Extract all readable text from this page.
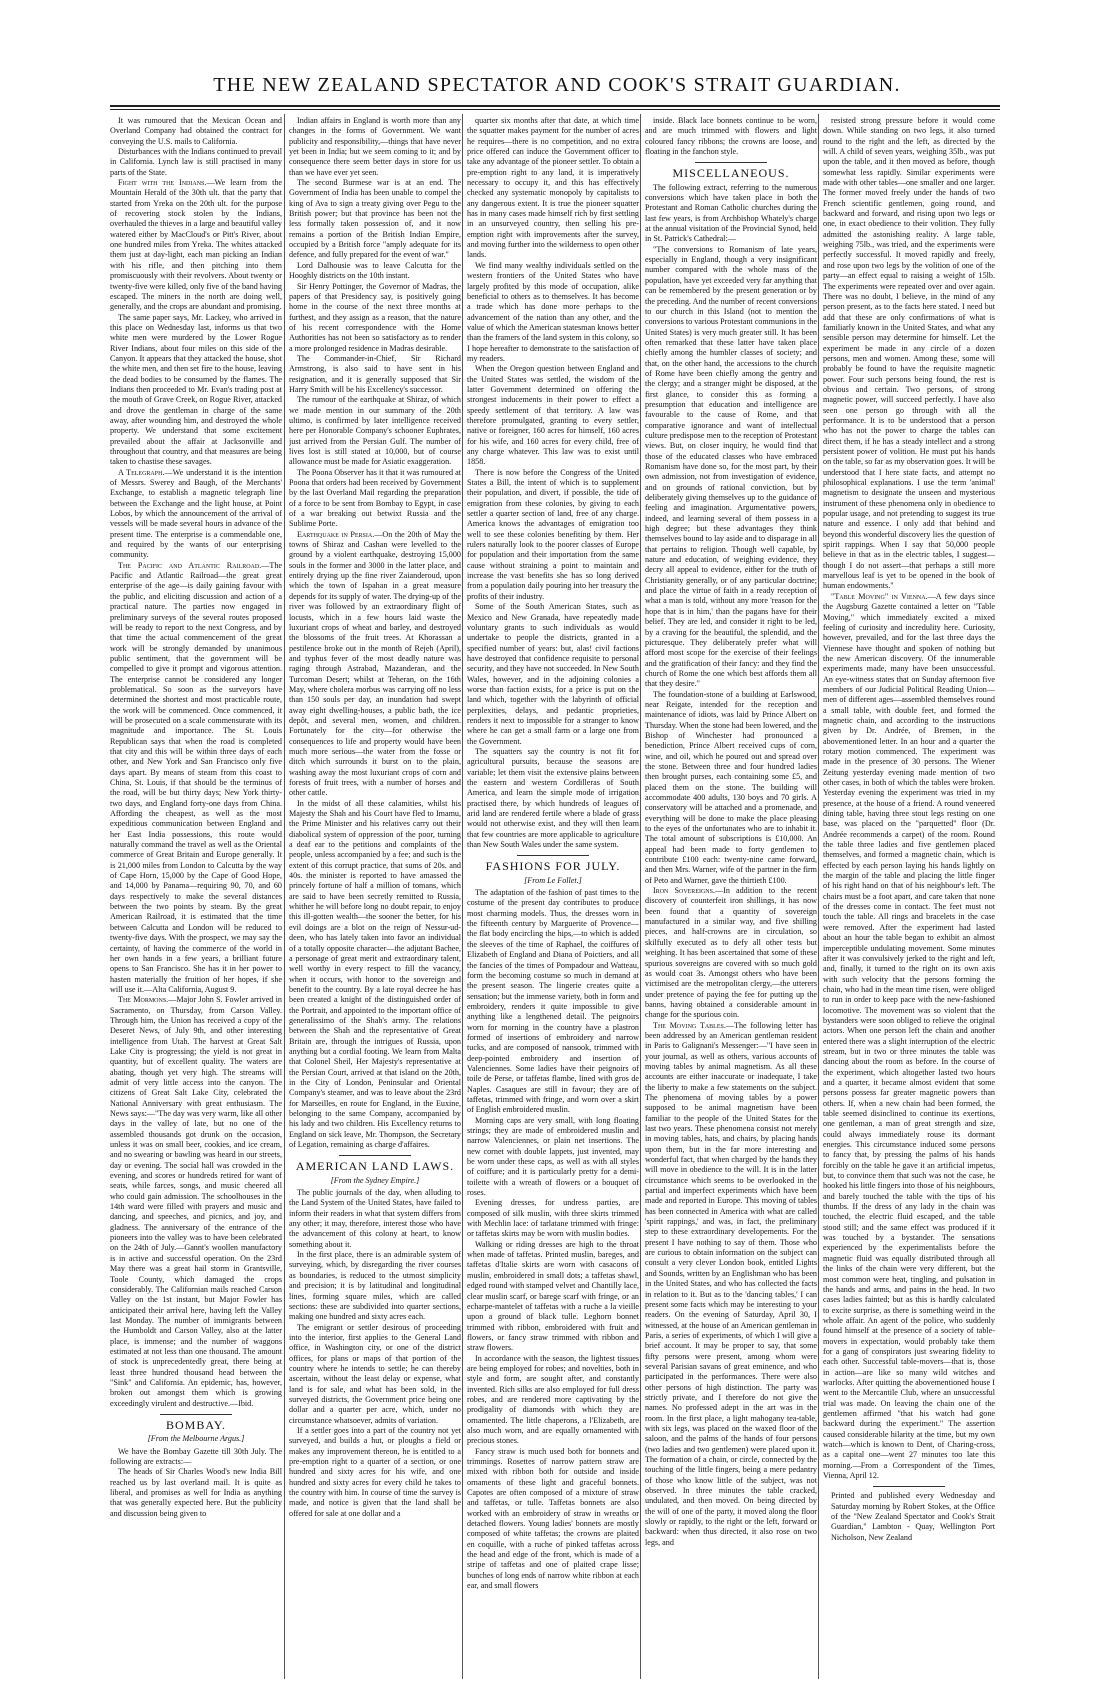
THE NEW ZEALAND SPECTATOR AND COOK'S STRAIT GUARDIAN.

It was rumoured that the Mexican Ocean and Overland Company had obtained the contract for conveying the U.S. mails to California.

Disturbances with the Indians continued to prevail in California. Lynch law is still practised in many parts of the State.

Fight with the Indians.—We learn from the Mountain Herald of the 30th ult. that the party that started from Yreka on the 20th ult. for the purpose of recovering stock stolen by the Indians, overhauled the thieves in a large and beautiful valley watered either by MacCloud's or Pitt's River, about one hundred miles from Yreka. The whites attacked them just at day-light, each man picking an Indian with his rifle, and then pitching into them promiscuously with their revolvers. About twenty or twenty-five were killed, only five of the band having escaped. The miners in the north are doing well, generally, and the crops are abundant and promising.

The same paper says, Mr. Lackey, who arrived in this place on Wednesday last, informs us that two white men were murdered by the Lower Rogue River Indians, about four miles on this side of the Canyon. It appears that they attacked the house, shot the white men, and then set fire to the house, leaving the dead bodies to be consumed by the flames. The Indians then proceeded to Mr. Evan's trading post at the mouth of Grave Creek, on Rogue River, attacked and drove the gentleman in charge of the same away, after wounding him, and destroyed the whole property. We understand that some excitement prevailed about the affair at Jacksonville and throughout that country, and that measures are being taken to chastise these savages.

A Telegraph.—We understand it is the intention of Messrs. Swerey and Baugh, of the Merchants' Exchange, to establish a magnetic telegraph line between the Exchange and the light house, at Point Lobos, by which the announcement of the arrival of vessels will be made several hours in advance of the present time. The enterprise is a commendable one, and required by the wants of our enterprising community.

The Pacific and Atlantic Railroad.—The Pacific and Atlantic Railroad—the great great enterprise of the age—is daily gaining favour with the public, and eliciting discussion and action of a practical nature. The parties now engaged in preliminary surveys of the several routes proposed will be ready to report to the next Congress, and by that time the actual commencement of the great work will be strongly demanded by unanimous public sentiment, that the government will be compelled to give it prompt and vigorous attention. The enterprise cannot be considered any longer problematical. So soon as the surveyors have determined the shortest and most practicable route, the work will be commenced. Once commenced, it will be prosecuted on a scale commensurate with its magnitude and importance. The St. Louis Republican says that when the road is completed that city and this will be within three days of each other, and New York and San Francisco only five days apart. By means of steam from this coast to China, St. Louis, if that should be the terminus of the road, will be but thirty days; New York thirty-two days, and England forty-one days from China. Affording the cheapest, as well as the most expeditious communication between England and her East India possessions, this route would naturally command the travel as well as the Oriental commerce of Great Britain and Europe generally. It is 21,000 miles from London to Calcutta by the way of Cape Horn, 15,000 by the Cape of Good Hope, and 14,000 by Panama—requiring 90, 70, and 60 days respectively to make the several distances between the two points by steam. By the great American Railroad, it is estimated that the time between Calcutta and London will be reduced to twenty-five days. With the prospect, we may say the certainty, of having the commerce of the world in her own hands in a few years, a brilliant future opens to San Francisco. She has it in her power to hasten materially the fruition of her hopes, if she will use it.—Alta California, August 9.

The Mormons.—Major John S. Fowler arrived in Sacramento, on Thursday, from Carson Valley. Through him, the Union has received a copy of the Deseret News, of July 9th, and other interesting intelligence from Utah. The harvest at Great Salt Lake City is progressing; the yield is not great in quantity, but of excellent quality. The waters are abating, though yet very high. The streams will admit of very little access into the canyon. The citizens of Great Salt Lake City, celebrated the National Anniversary with great enthusiasm. The News says:—"The day was very warm, like all other days in the valley of late, but no one of the assembled thousands got drunk on the occasion, unless it was on small beer, cookies, and ice cream, and no swearing or bawling was heard in our streets, day or evening. The social hall was crowded in the evening, and scores or hundreds retired for want of seats, while farces, songs, and music cheered all who could gain admission. The schoolhouses in the 14th ward were filled with prayers and music and dancing, and speeches, and picnics, and joy, and gladness. The anniversary of the entrance of the pioneers into the valley was to have been celebrated on the 24th of July.—Gannt's woollen manufactory is in active and successful operation. On the 23rd May there was a great hail storm in Grantsville, Toole County, which damaged the crops considerably. The Californian mails reached Carson Valley on the 1st instant, but Major Fowler has anticipated their arrival here, having left the Valley last Monday. The number of immigrants between the Humboldt and Carson Valley, also at the latter place, is immense; and the number of waggons estimated at not less than one thousand. The amount of stock is unprecedentedly great, there being at least three hundred thousand head between the "Sink" and California. An epidemic, has, however, broken out amongst them which is growing exceedingly virulent and destructive.—Ibid.

BOMBAY.

[From the Melbourne Argus.]

We have the Bombay Gazette till 30th July. The following are extracts:—

The heads of Sir Charles Wood's new India Bill reached us by last overland mail. It is quite as liberal, and promises as well for India as anything that was generally expected here. But the publicity and discussion being given to

Indian affairs in England is worth more than any changes in the forms of Government. We want publicity and responsibility,—things that have never yet been in India; but we seem coming to it; and by consequence there seem better days in store for us than we have ever yet seen.

The second Burmese war is at an end. The Government of India has been unable to compel the king of Ava to sign a treaty giving over Pegu to the British power; but that province has been not the less formally taken possession of, and it now remains a portion of the British Indian Empire, occupied by a British force "amply adequate for its defence, and fully prepared for the event of war."

Lord Dalhousie was to leave Calcutta for the Hooghly districts on the 10th instant.

Sir Henry Pottinger, the Governor of Madras, the papers of that Presidency say, is positively going home in the course of the next three months at furthest, and they assign as a reason, that the nature of his recent correspondence with the Home Authorities has not been so satisfactory as to render a more prolonged residence in Madras desirable.

The Commander-in-Chief, Sir Richard Armstrong, is also said to have sent in his resignation, and it is generally supposed that Sir Harry Smith will be his Excellency's successor.

The rumour of the earthquake at Shiraz, of which we made mention in our summary of the 20th ultimo, is confirmed by later intelligence received here per Honorable Company's schooner Euphrates, just arrived from the Persian Gulf. The number of lives lost is still stated at 10,000, but of course allowance must be made for Asiatic exaggeration.

The Poona Observer has it that it was rumoured at Poona that orders had been received by Government by the last Overland Mail regarding the preparation of a force to be sent from Bombay to Egypt, in case of a war breaking out betwixt Russia and the Sublime Porte.

Earthquake in Persia.—On the 20th of May the towns of Shiraz and Cashan were levelled to the ground by a violent earthquake, destroying 15,000 souls in the former and 3000 in the latter place, and entirely drying up the fine river Zaianderoud, upon which the town of Ispahan in a great measure depends for its supply of water. The drying-up of the river was followed by an extraordinary flight of locusts, which in a few hours laid waste the luxuriant crops of wheat and barley, and destroyed the blossoms of the fruit trees. At Khorassan a pestilence broke out in the month of Rejeh (April), and typhus fever of the most deadly nature was raging through Astrabad, Mazanderan, and the Turcoman Desert; whilst at Teheran, on the 16th May, where cholera morbus was carrying off no less than 150 souls per day, an inundation had swept away eight dwelling-houses, a public bath, the ice depôt, and several men, women, and children. Fortunately for the city—for otherwise the consequences to life and property would have been much more serious—the water from the fosse or ditch which surrounds it burst on to the plain, washing away the most luxuriant crops of corn and forests of fruit trees, with a number of horses and other cattle.

In the midst of all these calamities, whilst his Majesty the Shah and his Court have fled to Imamu, the Prime Minister and his relatives carry out their diabolical system of oppression of the poor, turning a deaf ear to the petitions and complaints of the people, unless accompanied by a fee; and such is the extent of this corrupt practice, that sums of 20s. and 40s. the minister is reported to have amassed the princely fortune of half a million of tomans, which are said to have been secretly remitted to Russia, whither he will before long no doubt repair, to enjoy this ill-gotten wealth—the sooner the better, for his evil doings are a blot on the reign of Nessur-ud-deen, who has lately taken into favor an individual of a totally opposite character—the adjutant Bachee, a personage of great merit and extraordinary talent, well worthy in every respect to fill the vacancy, when it occurs, with honor to the sovereign and benefit to the country. By a late royal decree he has been created a knight of the distinguished order of the Portrait, and appointed to the important office of generalissimo of the Shah's army. The relations between the Shah and the representative of Great Britain are, through the intrigues of Russia, upon anything but a cordial footing. We learn from Malta that Colonel Sheil, Her Majesty's representative at the Persian Court, arrived at that island on the 20th, in the City of London, Peninsular and Oriental Company's steamer, and was to leave about the 23rd for Marseilles, en route for England, in the Euxine, belonging to the same Company, accompanied by his lady and two children. His Excellency returns to England on sick leave, Mr. Thompson, the Secretary of Legation, remaining as charge d'affaires.

AMERICAN LAND LAWS.

[From the Sydney Empire.]

The public journals of the day, when alluding to the Land System of the United States, have failed to inform their readers in what that system differs from any other; it may, therefore, interest those who have the advancement of this colony at heart, to know something about it.

In the first place, there is an admirable system of surveying, which, by disregarding the river courses as boundaries, is reduced to the utmost simplicity and precision; it is by latitudinal and longitudinal lines, forming square miles, which are called sections: these are subdivided into quarter sections, making one hundred and sixty acres each.

The emigrant or settler desirous of proceeding into the interior, first applies to the General Land office, in Washington city, or one of the district offices, for plans or maps of that portion of the country where he intends to settle; he can thereby ascertain, without the least delay or expense, what land is for sale, and what has been sold, in the surveyed districts, the Government price being one dollar and a quarter per acre, which, under no circumstance whatsoever, admits of variation.

If a settler goes into a part of the country not yet surveyed, and builds a hut, or ploughs a field or makes any improvement thereon, he is entitled to a pre-emption right to a quarter of a section, or one hundred and sixty acres for his wife, and one hundred and sixty acres for every child he takes to the country with him. In course of time the survey is made, and notice is given that the land shall be offered for sale at one dollar and a

quarter six months after that date, at which time the squatter makes payment for the number of acres he requires—there is no competition, and no extra price offered can induce the Government officer to take any advantage of the pioneer settler. To obtain a pre-emption right to any land, it is imperatively necessary to occupy it, and this has effectively checked any systematic monopoly by capitalists to any dangerous extent. It is true the pioneer squatter has in many cases made himself rich by first settling in an unsurveyed country, then selling his pre-emption right with improvements after the survey, and moving further into the wilderness to open other lands.

We find many wealthy individuals settled on the western frontiers of the United States who have largely profited by this mode of occupation, alike beneficial to others as to themselves. It has become a trade which has done more perhaps to the advancement of the nation than any other, and the value of which the American statesman knows better than the framers of the land system in this colony, so I hope hereafter to demonstrate to the satisfaction of my readers.

When the Oregon question between England and the United States was settled, the wisdom of the latter Government determined on offering the strongest inducements in their power to effect a speedy settlement of that territory. A law was therefore promulgated, granting to every settler, native or foreigner, 160 acres for himself, 160 acres for his wife, and 160 acres for every child, free of any charge whatever. This law was to exist until 1858.

There is now before the Congress of the United States a Bill, the intent of which is to supplement their population, and divert, if possible, the tide of emigration from these colonies, by giving to each settler a quarter section of land, free of any charge. America knows the advantages of emigration too well to see these colonies benefiting by them. Her rulers naturally look to the poorer classes of Europe for population and their importation from the same cause without straining a point to maintain and increase the vast benefits she has so long derived from a population daily pouring into her treasury the profits of their industry.

Some of the South American States, such as Mexico and New Granada, have repeatedly made voluntary grants to such individuals as would undertake to people the districts, granted in a specified number of years: but, alas! civil factions have destroyed that confidence requisite to personal security, and they have not succeeded. In New South Wales, however, and in the adjoining colonies a worse than faction exists, for a price is put on the land which, together with the labyrinth of official perplexities, delays, and pedantic proprieties, renders it next to impossible for a stranger to know where he can get a small farm or a large one from the Government.

The squatters say the country is not fit for agricultural pursuits, because the seasons are variable; let them visit the extensive plains between the eastern and western Cordilleras of South America, and learn the simple mode of irrigation practised there, by which hundreds of leagues of arid land are rendered fertile where a blade of grass would not otherwise exist, and they will then learn that few countries are more applicable to agriculture than New South Wales under the same system.

FASHIONS FOR JULY.

[From Le Follet.]

The adaptation of the fashion of past times to the costume of the present day contributes to produce most charming models. Thus, the dresses worn in the fifteenth century by Marguerite of Provence—the flat body encircling the hips,—to which is added the sleeves of the time of Raphael, the coiffures of Elizabeth of England and Diana of Poictiers, and all the fancies of the times of Pompadour and Watteau, form the becoming costume so much in demand at the present season. The lingerie creates quite a sensation; but the immense variety, both in form and embroidery, renders it quite impossible to give anything like a lengthened detail. The peignoirs worn for morning in the country have a plastron formed of insertions of embroidery and narrow tucks, and are composed of nansook, trimmed with deep-pointed embroidery and insertion of Valenciennes. Some ladies have their peignoirs of toile de Perse, or taffetas flambe, lined with gros de Naples. Casaques are still in favour; they are of taffetas, trimmed with fringe, and worn over a skirt of English embroidered muslin.

Morning caps are very small, with long floating strings; they are made of embroidered muslin and narrow Valenciennes, or plain net insertions. The new cornet with double lappets, just invented, may be worn under these caps, as well as with all styles of coiffure; and it is particularly pretty for a demi-toilette with a wreath of flowers or a bouquet of roses.

Evening dresses, for undress parties, are composed of silk muslin, with three skirts trimmed with Mechlin lace: of tarlatane trimmed with fringe: or taffetas skirts may be worn with muslin bodies.

Walking or riding dresses are high to the throat when made of taffetas. Printed muslin, bareges, and taffetas d'Italie skirts are worn with casacons of muslin, embroidered in small dots; a taffetas shawl, edged round with stamped velvet and Chantilly lace, clear muslin scarf, or barege scarf with fringe, or an echarpe-mantelet of taffetas with a ruche a la vieille upon a ground of black tulle. Leghorn bonnet trimmed with ribbon, embroidered with fruit and flowers, or fancy straw trimmed with ribbon and straw flowers.

In accordance with the season, the lightest tissues are being employed for robes; and novelties, both in style and form, are sought after, and constantly invented. Rich silks are also employed for full dress robes, and are rendered more captivating by the prodigality of diamonds with which they are ornamented. The little chaperons, a l'Elizabeth, are also much worn, and are equally ornamented with precious stones.

Fancy straw is much used both for bonnets and trimmings. Rosettes of narrow pattern straw are mixed with ribbon both for outside and inside ornaments of these light and graceful bonnets. Capotes are often composed of a mixture of straw and taffetas, or tulle. Taffetas bonnets are also worked with an embroidery of straw in wreaths or detached flowers. Young ladies' bonnets are mostly composed of white taffetas; the crowns are plaited en coquille, with a ruche of pinked taffetas across the head and edge of the front, which is made of a stripe of taffetas and one of plaited crape lisse; bunches of long ends of narrow white ribbon at each ear, and small flowers

inside. Black lace bonnets continue to be worn, and are much trimmed with flowers and light coloured fancy ribbons; the crowns are loose, and floating in the fanchon style.

MISCELLANEOUS.

The following extract, referring to the numerous conversions which have taken place in both the Protestant and Roman Catholic churches during the last few years, is from Archbishop Whately's charge at the annual visitation of the Provincial Synod, held in St. Patrick's Cathedral:—

"The conversions to Romanism of late years, especially in England, though a very insignificant number compared with the whole mass of the population, have yet exceeded very far anything that can be remembered by the present generation or by the preceding. And the number of recent conversions to our church in this Island (not to mention the conversions to various Protestant communions in the United States) is very much greater still. It has been often remarked that these latter have taken place chiefly among the humbler classes of society; and that, on the other hand, the accessions to the church of Rome have been chiefly among the gentry and the clergy; and a stranger might be disposed, at the first glance, to consider this as forming a presumption that education and intelligence are favourable to the cause of Rome, and that comparative ignorance and want of intellectual culture predispose men to the reception of Protestant views. But, on closer inquiry, he would find that those of the educated classes who have embraced Romanism have done so, for the most part, by their own admission, not from investigation of evidence, and on grounds of rational conviction, but by deliberately giving themselves up to the guidance of feeling and imagination. Argumentative powers, indeed, and learning several of them possess in a high degree; but these advantages they think themselves bound to lay aside and to disparage in all that pertains to religion. Though well capable, by nature and education, of weighing evidence, they decry all appeal to evidence, either for the truth of Christianity generally, or of any particular doctrine; and place the virtue of faith in a ready reception of what a man is told, without any more 'reason for the hope that is in him,' than the pagans have for their belief. They are led, and consider it right to be led, by a craving for the beautiful, the splendid, and the picturesque. They deliberately prefer what will afford most scope for the exercise of their feelings and the gratification of their fancy: and they find the church of Rome the one which best affords them all that they desire."

The foundation-stone of a building at Earlswood, near Reigate, intended for the reception and maintenance of idiots, was laid by Prince Albert on Thursday. When the stone had been lowered, and the Bishop of Winchester had pronounced a benediction, Prince Albert received cups of corn, wine, and oil, which he poured out and spread over the stone. Between three and four hundred ladies then brought purses, each containing some £5, and placed them on the stone. The building will accommodate 400 adults, 130 boys and 70 girls. A conservatory will be attached and a promenade, and everything will be done to make the place pleasing to the eyes of the unfortunates who are to inhabit it. The total amount of subscriptions is £10,000. An appeal had been made to forty gentlemen to contribute £100 each: twenty-nine came forward, and then Mrs. Warner, wife of the partner in the firm of Peto and Warner, gave the thirtieth £100.

Iron Sovereigns.—In addition to the recent discovery of counterfeit iron shillings, it has now been found that a quantity of sovereign manufactured in a similar way, and five shilling pieces, and half-crowns are in circulation, so skilfully executed as to defy all other tests but weighing. It has been ascertained that some of these spurious sovereigns are covered with so much gold as would coat 3s. Amongst others who have been victimised are the metropolitan clergy,—the utterers under pretence of paying the fee for putting up the banns, having obtained a considerable amount in change for the spurious coin.

The Moving Tables.—The following letter has been addressed by an American gentleman resident in Paris to Galignani's Messenger:—"I have seen in your journal, as well as others, various accounts of moving tables by animal magnetism. As all these accounts are either inaccurate or inadequate, I take the liberty to make a few statements on the subject. The phenomena of moving tables by a power supposed to be animal magnetism have been familiar to the people of the United States for the last two years. These phenomena consist not merely in moving tables, hats, and chairs, by placing hands upon them, but in the far more interesting and wonderful fact, that when charged by the hands they will move in obedience to the will. It is in the latter circumstance which seems to be overlooked in the partial and imperfect experiments which have been made and reported in Europe. This moving of tables has been connected in America with what are called 'spirit rappings,' and was, in fact, the preliminary step to these extraordinary developements. For the present I have nothing to say of them. Those who are curious to obtain information on the subject can consult a very clever London book, entitled Lights and Sounds, written by an Englishman who has been in the United States, and who has collected the facts in relation to it. But as to the 'dancing tables,' I can present some facts which may be interesting to your readers. On the evening of Saturday, April 30, I witnessed, at the house of an American gentleman in Paris, a series of experiments, of which I will give a brief account. It may be proper to say, that some fifty persons were present, among whom were several Parisian savans of great eminence, and who participated in the performances. There were also other persons of high distinction. The party was strictly private, and I therefore do not give the names. No professed adept in the art was in the room. In the first place, a light mahogany tea-table, with six legs, was placed on the waxed floor of the saloon, and the palms of the hands of four persons (two ladies and two gentlemen) were placed upon it. The formation of a chain, or circle, connected by the touching of the little fingers, being a mere pedantry of those who know little of the subject, was not observed. In three minutes the table cracked, undulated, and then moved. On being directed by the will of one of the party, it moved along the floor slowly or rapidly, to the right or the left, forward or backward: when thus directed, it also rose on two legs, and

resisted strong pressure before it would come down. While standing on two legs, it also turned round to the right and the left, as directed by the will. A child of seven years, weighing 35lb., was put upon the table, and it then moved as before, though somewhat less rapidly. Similar experiments were made with other tables—one smaller and one larger. The former moved freely under the hands of two French scientific gentlemen, going round, and backward and forward, and rising upon two legs or one, in exact obedience to their volition. They fully admitted the astonishing reality. A large table, weighing 75lb., was tried, and the experiments were perfectly successful. It moved rapidly and freely, and rose upon two legs by the volition of one of the party—an effect equal to raising a weight of 15lb. The experiments were repeated over and over again. There was no doubt, I believe, in the mind of any person present, as to the facts here stated. I need but add that these are only confirmations of what is familiarly known in the United States, and what any sensible person may determine for himself. Let the experiment be made in any circle of a dozen persons, men and women. Among these, some will probably be found to have the requisite magnetic power. Four such persons being found, the rest is obvious and certain. Two persons, of strong magnetic power, will succeed perfectly. I have also seen one person go through with all the performance. It is to be understood that a person who has not the power to charge the tables can direct them, if he has a steady intellect and a strong persistent power of volition. He must put his hands on the table, so far as my observation goes. It will be understood that I here state facts, and attempt no philosophical explanations. I use the term 'animal' magnetism to designate the unseen and mysterious instrument of these phenomena only in obedience to popular usage, and not pretending to suggest its true nature and essence. I only add that behind and beyond this wonderful discovery lies the question of spirit rappings. When I say that 50,000 people believe in that as in the electric tables, I suggest—though I do not assert—that perhaps a still more marvellous leaf is yet to be opened in the book of human endowments."

"Table Moving" in Vienna.—A few days since the Augsburg Gazette contained a letter on "Table Moving," which immediately excited a mixed feeling of curiosity and incredulity here. Curiosity, however, prevailed, and for the last three days the Viennese have thought and spoken of nothing but the new American discovery. Of the innumerable experiments made, many have been unsuccessful. An eye-witness states that on Sunday afternoon five members of our Judicial Political Reading Union—men of different ages—assembled themselves round a small table, with double feet, and formed the magnetic chain, and according to the instructions given by Dr. Andrée, of Bremen, in the abovementioned letter. In an hour and a quarter the rotary motion commenced. The experiment was made in the presence of 30 persons. The Wiener Zeitung yesterday evening made mention of two other cases, in both of which the tables were broken. Yesterday evening the experiment was tried in my presence, at the house of a friend. A round veneered dining table, having three stout legs resting on one base, was placed on the "parquetted" floor (Dr. Andrée recommends a carpet) of the room. Round the table three ladies and five gentlemen placed themselves, and formed a magnetic chain, which is effected by each person laying his hands lightly on the margin of the table and placing the little finger of his right hand on that of his neighbour's left. The chairs must be a foot apart, and care taken that none of the dresses come in contact. The feet must not touch the table. All rings and bracelets in the case were removed. After the experiment had lasted about an hour the table began to exhibit an almost imperceptible undulating movement. Some minutes after it was convulsively jerked to the right and left, and, finally, it turned to the right on its own axis with such velocity that the persons forming the chain, who had in the mean time risen, were obliged to run in order to keep pace with the new-fashioned locomotive. The movement was so violent that the bystanders were soon obliged to relieve the original actors. When one person left the chain and another entered there was a slight interruption of the electric stream, but in two or three minutes the table was dancing about the room as before. In the course of the experiment, which altogether lasted two hours and a quarter, it became almost evident that some persons possess far greater magnetic powers than others. If, when a new chain had been formed, the table seemed disinclined to continue its exertions, one gentleman, a man of great strength and size, could always immediately rouse its dormant energies. This circumstance induced some persons to fancy that, by pressing the palms of his hands forcibly on the table he gave it an artificial impetus, but, to convince them that such was not the case, he hooked his little fingers into those of his neighbours, and barely touched the table with the tips of his thumbs. If the dress of any lady in the chain was touched, the electric fluid escaped, and the table stood still; and the same effect was produced if it was touched by a bystander. The sensations experienced by the experimentalists before the magnetic fluid was equally distributed through all the links of the chain were very different, but the most common were heat, tingling, and pulsation in the hands and arms, and pains in the head. In two cases ladies fainted; but as this is hardly calculated to excite surprise, as there is something weird in the whole affair. An agent of the police, who suddenly found himself at the presence of a society of table-movers in expectation, would probably take them for a gang of conspirators just swearing fidelity to each other. Successful table-movers—that is, those in action—are like so many wild witches and warlocks. After quitting the abovementioned house I went to the Mercantile Club, where an unsuccessful trial was made. On leaving the chain one of the gentlemen affirmed "that his watch had gone backward during the experiment." The assertion caused considerable hilarity at the time, but my own watch—which is known to Dent, of Charing-cross, as a capital one—went 27 minutes too late this morning.—From a Correspondent of the Times, Vienna, April 12.

Printed and published every Wednesday and Saturday morning by Robert Stokes, at the Office of the "New Zealand Spectator and Cook's Strait Guardian," Lambton - Quay, Wellington Port Nicholson, New Zealand
